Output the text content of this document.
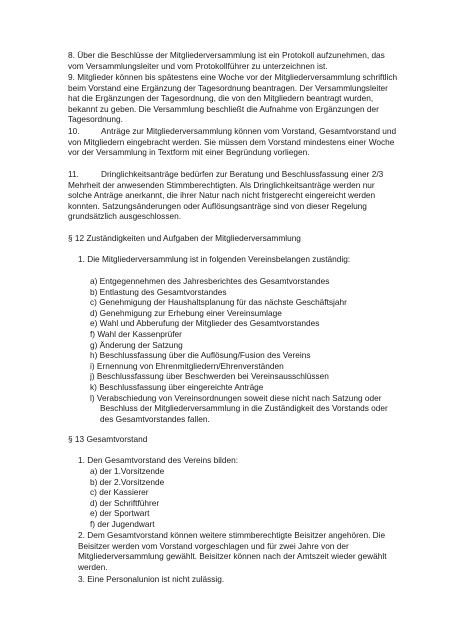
8. Über die Beschlüsse der Mitgliederversammlung ist ein Protokoll aufzunehmen, das vom Versammlungsleiter und vom Protokollführer zu unterzeichnen ist.

9. Mitglieder können bis spätestens eine Woche vor der Mitgliederversammlung schriftlich beim Vorstand eine Ergänzung der Tagesordnung beantragen. Der Versammlungsleiter hat die Ergänzungen der Tagesordnung, die von den Mitgliedern beantragt wurden, bekannt zu geben. Die Versammlung beschließt die Aufnahme von Ergänzungen der Tagesordnung.

10.	Anträge zur Mitgliederversammlung können vom Vorstand, Gesamtvorstand und von Mitgliedern eingebracht werden. Sie müssen dem Vorstand mindestens einer Woche vor der Versammlung in Textform mit einer Begründung vorliegen.

11.	Dringlichkeitsanträge bedürfen zur Beratung und Beschlussfassung einer 2/3 Mehrheit der anwesenden Stimmberechtigten. Als Dringlichkeitsanträge werden nur solche Anträge anerkannt, die ihrer Natur nach nicht fristgerecht eingereicht werden konnten. Satzungsänderungen oder Auflösungsanträge sind von dieser Regelung grundsätzlich ausgeschlossen.

§ 12 Zuständigkeiten und Aufgaben der Mitgliederversammlung

1. Die Mitgliederversammlung ist in folgenden Vereinsbelangen zuständig:

a) Entgegennehmen des Jahresberichtes des Gesamtvorstandes

b) Entlastung des Gesamtvorstandes

c) Genehmigung der Haushaltsplanung für das nächste Geschäftsjahr

d) Genehmigung zur Erhebung einer Vereinsumlage

e) Wahl und Abberufung der Mitglieder des Gesamtvorstandes

f) Wahl der Kassenprüfer

g) Änderung der Satzung

h) Beschlussfassung über die Auflösung/Fusion des Vereins

i) Ernennung von Ehrenmitgliedern/Ehrenverständen

j) Beschlussfassung über Beschwerden bei Vereinsausschlüssen

k) Beschlussfassung über eingereichte Anträge

l) Verabschiedung von Vereinsordnungen soweit diese nicht nach Satzung oder Beschluss der Mitgliederversammlung in die Zuständigkeit des Vorstands oder des Gesamtvorstandes fallen.

§ 13 Gesamtvorstand

1. Den Gesamtvorstand des Vereins bilden:

a) der 1.Vorsitzende

b) der 2.Vorsitzende

c) der Kassierer

d) der Schriftführer

e) der Sportwart

f) der Jugendwart

2. Dem Gesamtvorstand können weitere stimmberechtigte Beisitzer angehören. Die Beisitzer werden vom Vorstand vorgeschlagen und für zwei Jahre von der Mitgliederversammlung gewählt. Beisitzer können nach der Amtszeit wieder gewählt werden.

3. Eine Personalunion ist nicht zulässig.
